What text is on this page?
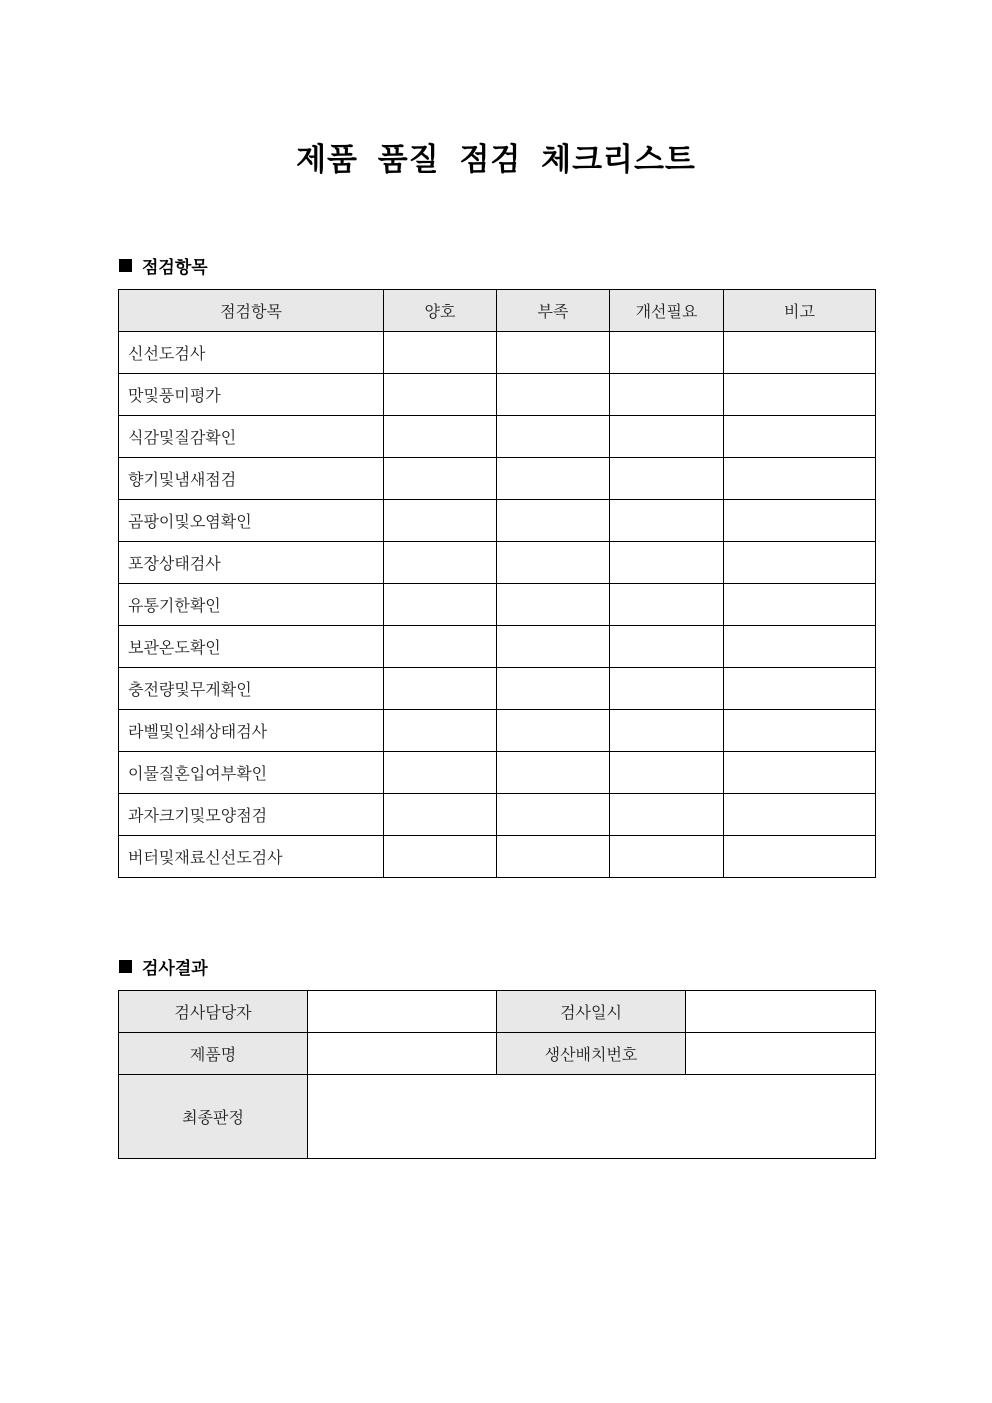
제품 품질 점검 체크리스트
점검항목
점검항목	양호	부족	개선필요	비고
신선도검사				
맛및풍미평가				
식감및질감확인				
향기및냄새점검				
곰팡이및오염확인				
포장상태검사				
유통기한확인				
보관온도확인				
충전량및무게확인				
라벨및인쇄상태검사				
이물질혼입여부확인				
과자크기및모양점검				
버터및재료신선도검사				
검사결과
검사담당자		검사일시	
제품명		생산배치번호	
최종판정			
